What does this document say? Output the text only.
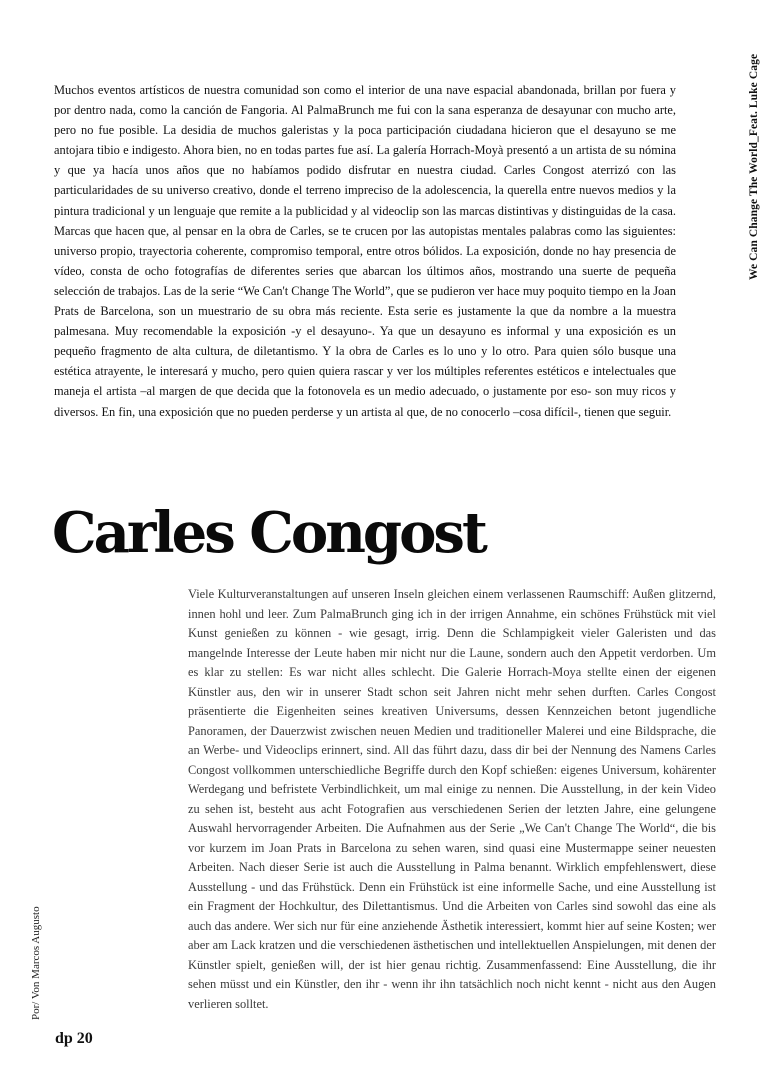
Muchos eventos artísticos de nuestra comunidad son como el interior de una nave espacial abandonada, brillan por fuera y por dentro nada, como la canción de Fangoria. Al PalmaBrunch me fui con la sana esperanza de desayunar con mucho arte, pero no fue posible. La desidia de muchos galeristas y la poca participación ciudadana hicieron que el desayuno se me antojara tibio e indigesto. Ahora bien, no en todas partes fue así. La galería Horrach-Moyà presentó a un artista de su nómina y que ya hacía unos años que no habíamos podido disfrutar en nuestra ciudad. Carles Congost aterrizó con las particularidades de su universo creativo, donde el terreno impreciso de la adolescencia, la querella entre nuevos medios y la pintura tradicional y un lenguaje que remite a la publicidad y al videoclip son las marcas distintivas y distinguidas de la casa. Marcas que hacen que, al pensar en la obra de Carles, se te crucen por las autopistas mentales palabras como las siguientes: universo propio, trayectoria coherente, compromiso temporal, entre otros bólidos. La exposición, donde no hay presencia de vídeo, consta de ocho fotografías de diferentes series que abarcan los últimos años, mostrando una suerte de pequeña selección de trabajos. Las de la serie “We Can't Change The World”, que se pudieron ver hace muy poquito tiempo en la Joan Prats de Barcelona, son un muestrario de su obra más reciente. Esta serie es justamente la que da nombre a la muestra palmesana. Muy recomendable la exposición -y el desayuno-. Ya que un desayuno es informal y una exposición es un pequeño fragmento de alta cultura, de diletantismo. Y la obra de Carles es lo uno y lo otro. Para quien sólo busque una estética atrayente, le interesará y mucho, pero quien quiera rascar y ver los múltiples referentes estéticos e intelectuales que maneja el artista –al margen de que decida que la fotonovela es un medio adecuado, o justamente por eso- son muy ricos y diversos. En fin, una exposición que no pueden perderse y un artista al que, de no conocerlo –cosa difícil-, tienen que seguir.

We Can Change The World_Feat. Luke Cage
Carles Congost

Viele Kulturveranstaltungen auf unseren Inseln gleichen einem verlassenen Raumschiff: Außen glitzernd, innen hohl und leer. Zum PalmaBrunch ging ich in der irrigen Annahme, ein schönes Frühstück mit viel Kunst genießen zu können - wie gesagt, irrig. Denn die Schlampigkeit vieler Galeristen und das mangelnde Interesse der Leute haben mir nicht nur die Laune, sondern auch den Appetit verdorben. Um es klar zu stellen: Es war nicht alles schlecht. Die Galerie Horrach-Moya stellte einen der eigenen Künstler aus, den wir in unserer Stadt schon seit Jahren nicht mehr sehen durften. Carles Congost präsentierte die Eigenheiten seines kreativen Universums, dessen Kennzeichen betont jugendliche Panoramen, der Dauerzwist zwischen neuen Medien und traditioneller Malerei und eine Bildsprache, die an Werbe- und Videoclips erinnert, sind. All das führt dazu, dass dir bei der Nennung des Namens Carles Congost vollkommen unterschiedliche Begriffe durch den Kopf schießen: eigenes Universum, kohärenter Werdegang und befristete Verbindlichkeit, um mal einige zu nennen. Die Ausstellung, in der kein Video zu sehen ist, besteht aus acht Fotografien aus verschiedenen Serien der letzten Jahre, eine gelungene Auswahl hervorragender Arbeiten. Die Aufnahmen aus der Serie „We Can't Change The World“, die bis vor kurzem im Joan Prats in Barcelona zu sehen waren, sind quasi eine Mustermappe seiner neuesten Arbeiten. Nach dieser Serie ist auch die Ausstellung in Palma benannt. Wirklich empfehlenswert, diese Ausstellung - und das Frühstück. Denn ein Frühstück ist eine informelle Sache, und eine Ausstellung ist ein Fragment der Hochkultur, des Dilettantismus. Und die Arbeiten von Carles sind sowohl das eine als auch das andere. Wer sich nur für eine anziehende Ästhetik interessiert, kommt hier auf seine Kosten; wer aber am Lack kratzen und die verschiedenen ästhetischen und intellektuellen Anspielungen, mit denen der Künstler spielt, genießen will, der ist hier genau richtig. Zusammenfassend: Eine Ausstellung, die ihr sehen müsst und ein Künstler, den ihr - wenn ihr ihn tatsächlich noch nicht kennt - nicht aus den Augen verlieren solltet.

Por/ Von Marcos Augusto

dp 20
